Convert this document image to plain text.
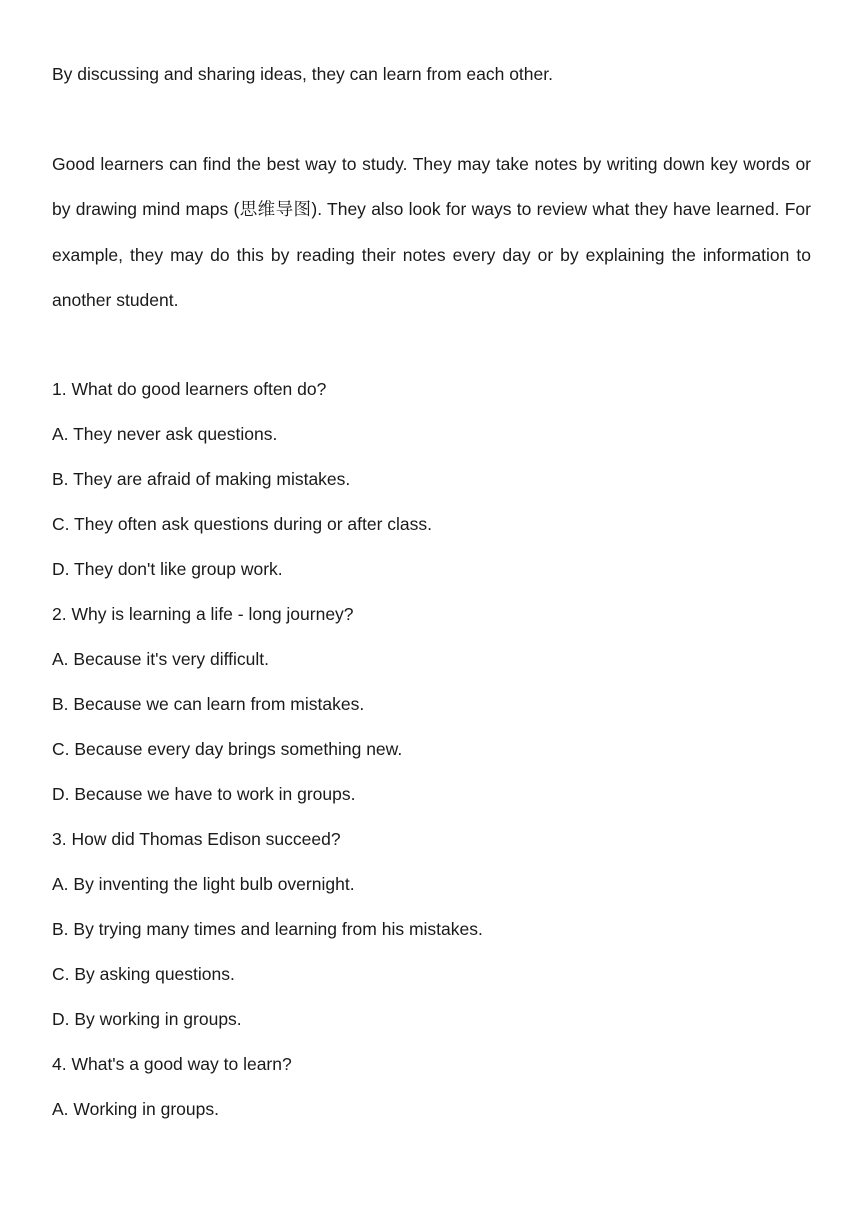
By discussing and sharing ideas, they can learn from each other.

Good learners can find the best way to study. They may take notes by writing down key words or by drawing mind maps (思维导图). They also look for ways to review what they have learned. For example, they may do this by reading their notes every day or by explaining the information to another student.

1. What do good learners often do?

A. They never ask questions.

B. They are afraid of making mistakes.

C. They often ask questions during or after class.

D. They don't like group work.

2. Why is learning a life - long journey?

A. Because it's very difficult.

B. Because we can learn from mistakes.

C. Because every day brings something new.

D. Because we have to work in groups.

3. How did Thomas Edison succeed?

A. By inventing the light bulb overnight.

B. By trying many times and learning from his mistakes.

C. By asking questions.

D. By working in groups.

4. What's a good way to learn?

A. Working in groups.
